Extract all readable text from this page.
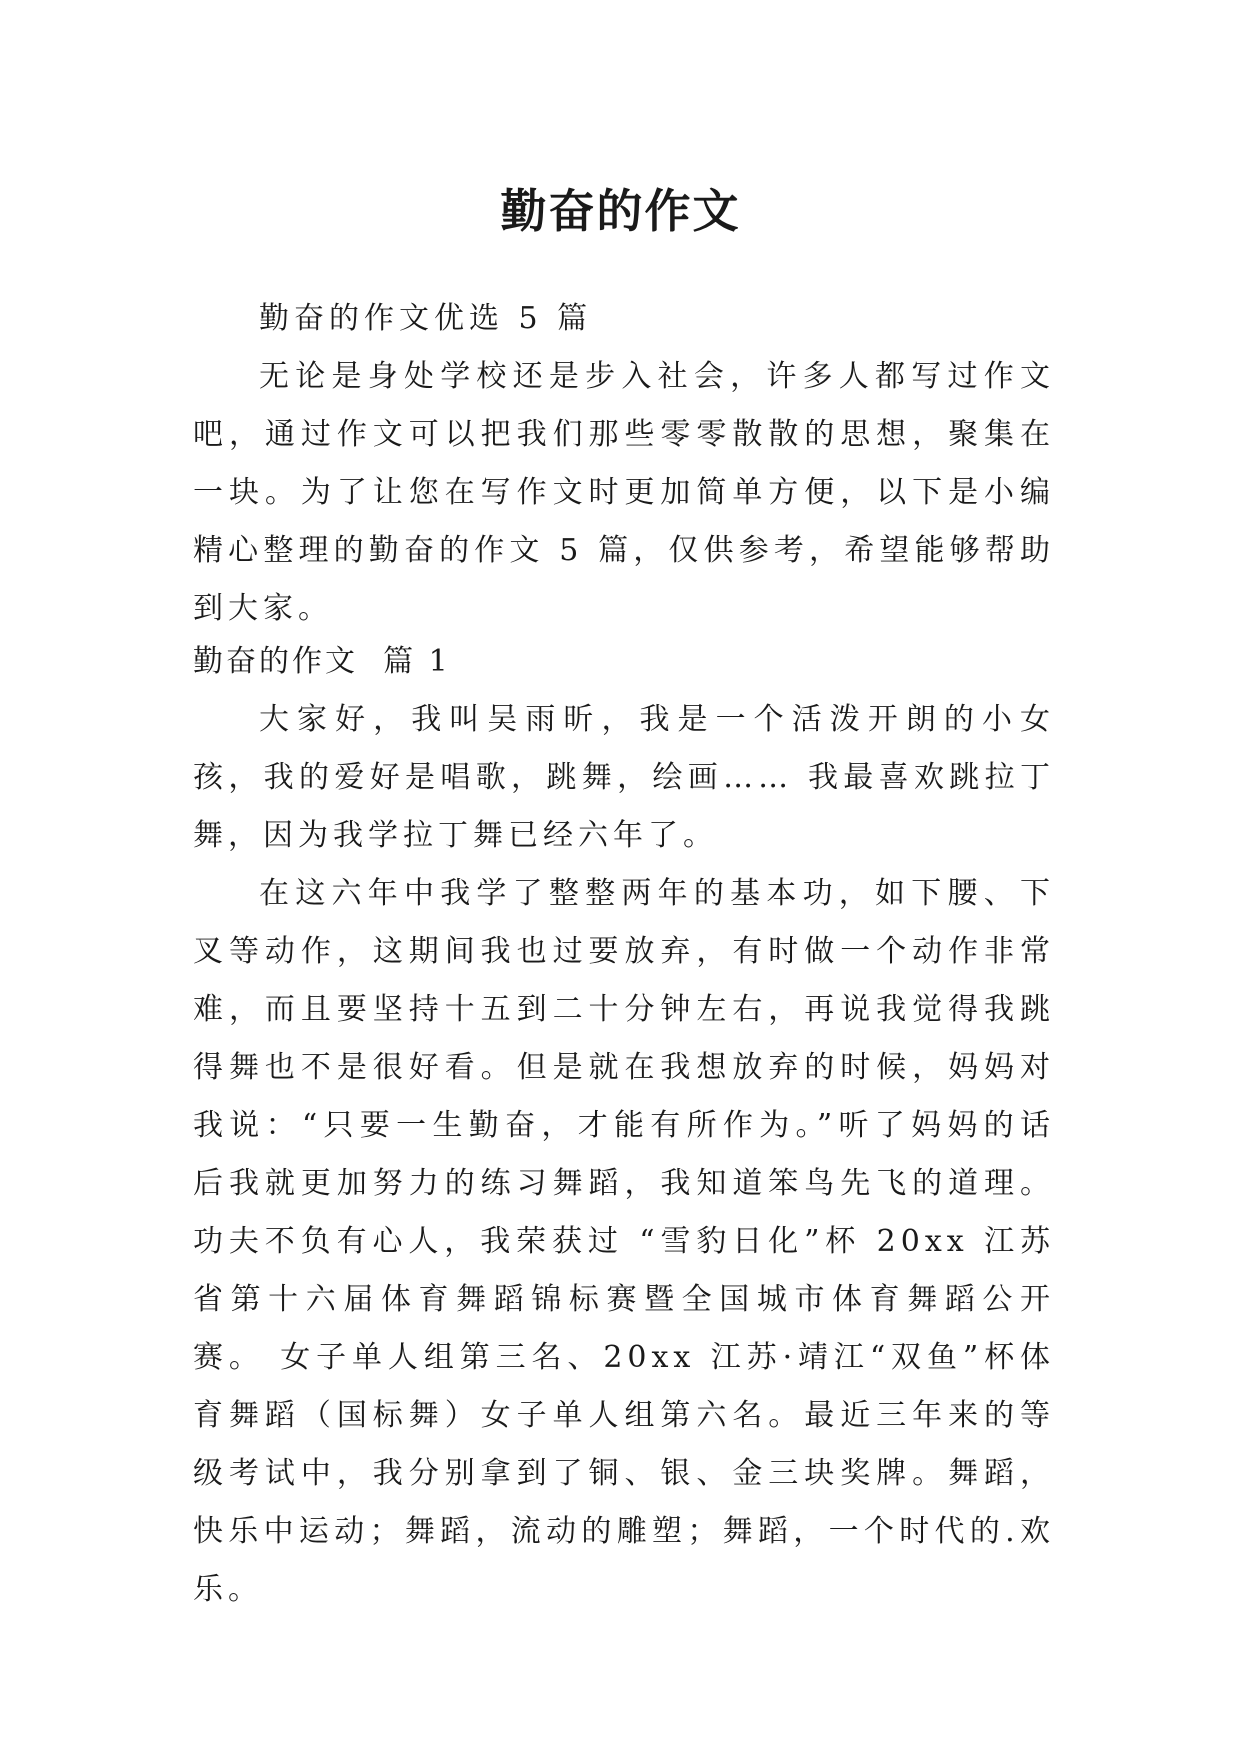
勤奋的作文

勤奋的作文优选 5 篇

无论是身处学校还是步入社会，许多人都写过作文吧，通过作文可以把我们那些零零散散的思想，聚集在一块。为了让您在写作文时更加简单方便，以下是小编精心整理的勤奋的作文 5 篇，仅供参考，希望能够帮助到大家。

勤奋的作文  篇 1

大家好，我叫吴雨昕，我是一个活泼开朗的小女孩，我的爱好是唱歌，跳舞，绘画…… 我最喜欢跳拉丁舞，因为我学拉丁舞已经六年了。

在这六年中我学了整整两年的基本功，如下腰、下叉等动作，这期间我也过要放弃，有时做一个动作非常难，而且要坚持十五到二十分钟左右，再说我觉得我跳得舞也不是很好看。但是就在我想放弃的时候，妈妈对我说：“只要一生勤奋，才能有所作为。”听了妈妈的话后我就更加努力的练习舞蹈，我知道笨鸟先飞的道理。 功夫不负有心人，我荣获过 “雪豹日化”杯 20xx 江苏省第十六届体育舞蹈锦标赛暨全国城市体育舞蹈公开赛。 女子单人组第三名、20xx 江苏·靖江“双鱼”杯体育舞蹈（国标舞）女子单人组第六名。最近三年来的等级考试中，我分别拿到了铜、银、金三块奖牌。舞蹈，快乐中运动；舞蹈，流动的雕塑；舞蹈，一个时代的.欢乐。
